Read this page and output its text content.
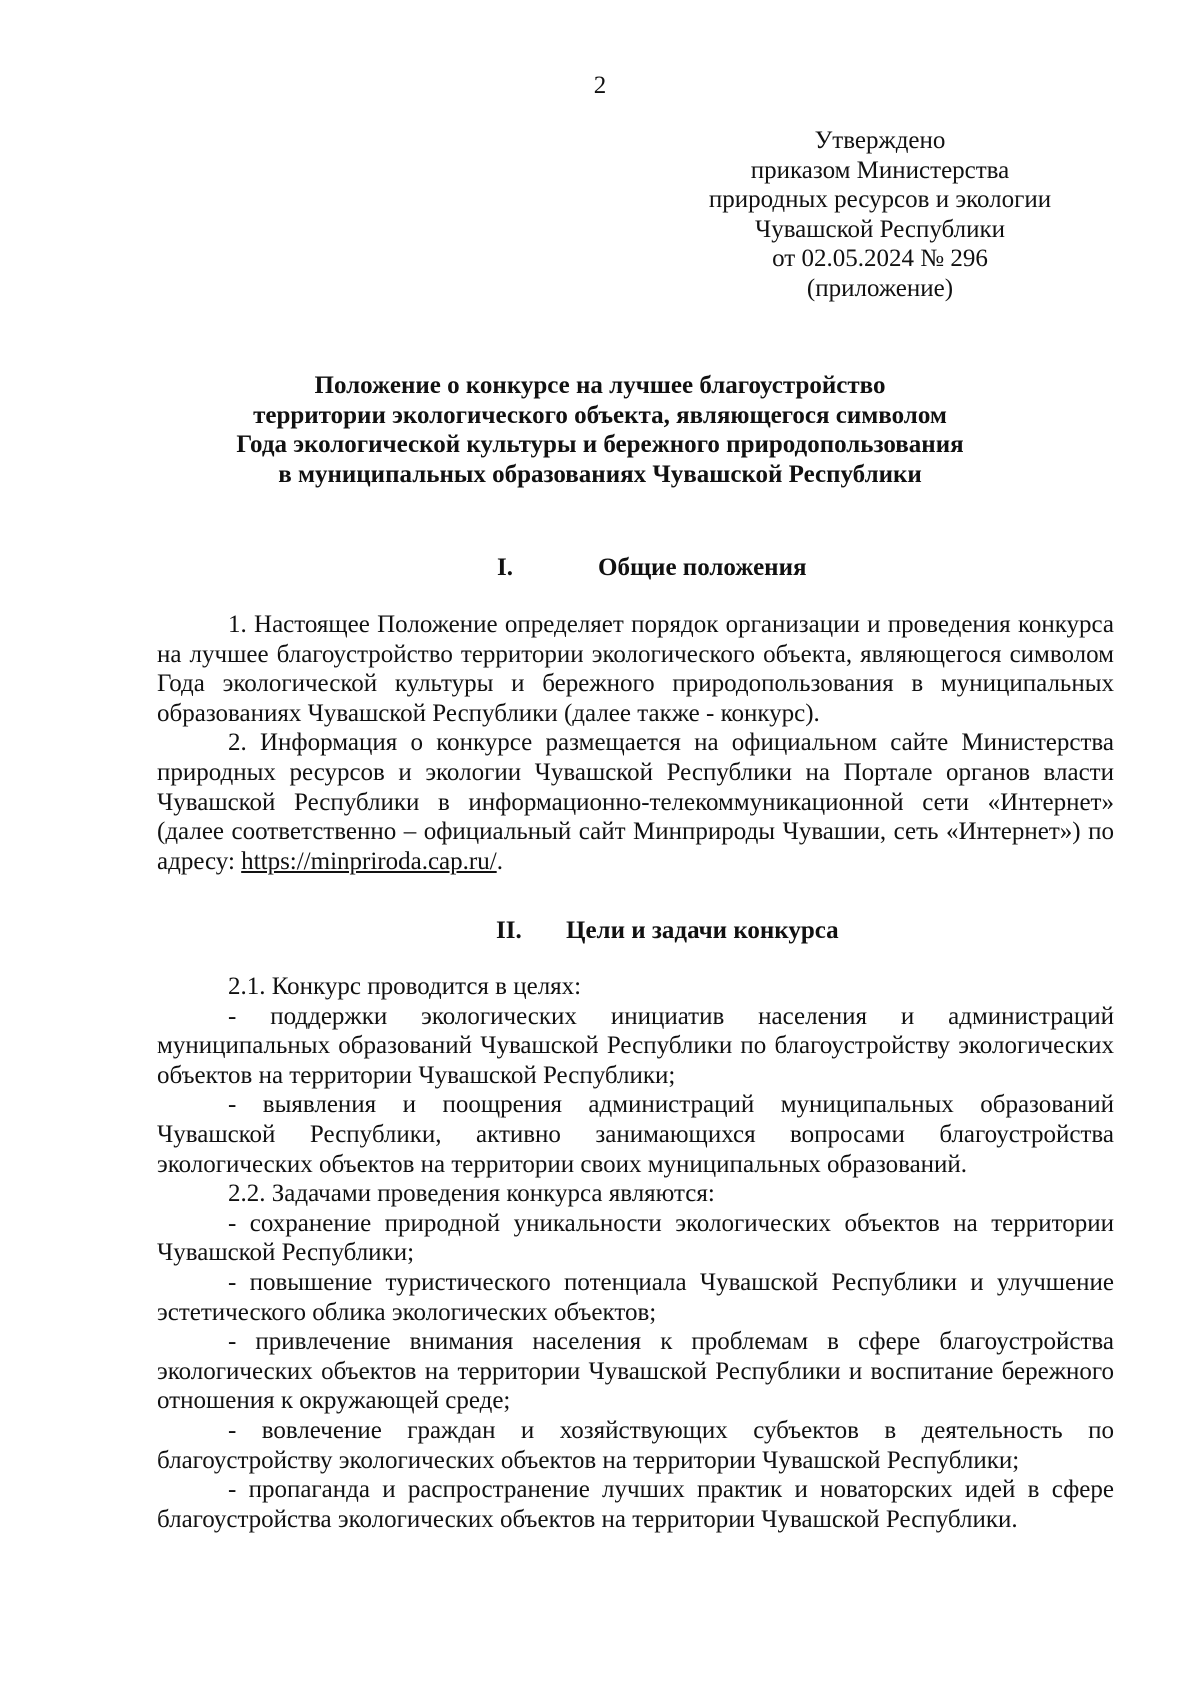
2
Утверждено
приказом Министерства
природных ресурсов и экологии
Чувашской Республики
от 02.05.2024 № 296
(приложение)
Положение о конкурсе на лучшее благоустройство
территории экологического объекта, являющегося символом
Года экологической культуры и бережного природопользования
в муниципальных образованиях Чувашской Республики
I.	Общие положения

1. Настоящее Положение определяет порядок организации и проведения конкурса на лучшее благоустройство территории экологического объекта, являющегося символом Года экологической культуры и бережного природопользования в муниципальных образованиях Чувашской Республики (далее также - конкурс).

2. Информация о конкурсе размещается на официальном сайте Министерства природных ресурсов и экологии Чувашской Республики на Портале органов власти Чувашской Республики в информационно-телекоммуникационной сети «Интернет» (далее соответственно – официальный сайт Минприроды Чувашии, сеть «Интернет») по адресу: https://minpriroda.cap.ru/.

II. Цели и задачи конкурса

2.1. Конкурс проводится в целях:

- поддержки экологических инициатив населения и администраций муниципальных образований Чувашской Республики по благоустройству экологических объектов на территории Чувашской Республики;

- выявления и поощрения администраций муниципальных образований Чувашской Республики, активно занимающихся вопросами благоустройства экологических объектов на территории своих муниципальных образований.

2.2. Задачами проведения конкурса являются:

- сохранение природной уникальности экологических объектов на территории Чувашской Республики;

- повышение туристического потенциала Чувашской Республики и улучшение эстетического облика экологических объектов;

- привлечение внимания населения к проблемам в сфере благоустройства экологических объектов на территории Чувашской Республики и воспитание бережного отношения к окружающей среде;

- вовлечение граждан и хозяйствующих субъектов в деятельность по благоустройству экологических объектов на территории Чувашской Республики;

- пропаганда и распространение лучших практик и новаторских идей в сфере благоустройства экологических объектов на территории Чувашской Республики.
